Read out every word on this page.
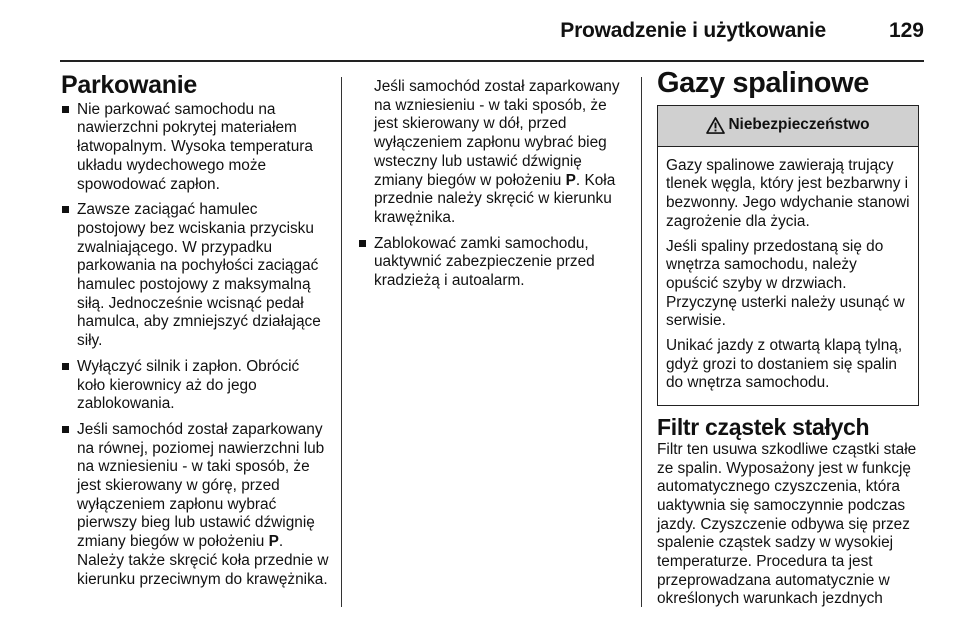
Prowadzenie i użytkowanie	129
Parkowanie
Nie parkować samochodu na nawierzchni pokrytej materiałem łatwopalnym. Wysoka temperatura układu wydechowego może spowodować zapłon.
Zawsze zaciągać hamulec postojowy bez wciskania przycisku zwalniającego. W przypadku parkowania na pochyłości zaciągać hamulec postojowy z maksymalną siłą. Jednocześnie wcisnąć pedał hamulca, aby zmniejszyć działające siły.
Wyłączyć silnik i zapłon. Obrócić koło kierownicy aż do jego zablokowania.
Jeśli samochód został zaparkowany na równej, poziomej nawierzchni lub na wzniesieniu - w taki sposób, że jest skierowany w górę, przed wyłączeniem zapłonu wybrać pierwszy bieg lub ustawić dźwignię zmiany biegów w położeniu P. Należy także skręcić koła przednie w kierunku przeciwnym do krawężnika.

Jeśli samochód został zaparkowany na wzniesieniu - w taki sposób, że jest skierowany w dół, przed wyłączeniem zapłonu wybrać bieg wsteczny lub ustawić dźwignię zmiany biegów w położeniu P. Koła przednie należy skręcić w kierunku krawężnika.

Zablokować zamki samochodu, uaktywnić zabezpieczenie przed kradzieżą i autoalarm.
Gazy spalinowe
Niebezpieczeństwo

Gazy spalinowe zawierają trujący tlenek węgla, który jest bezbarwny i bezwonny. Jego wdychanie stanowi zagrożenie dla życia.

Jeśli spaliny przedostaną się do wnętrza samochodu, należy opuścić szyby w drzwiach. Przyczynę usterki należy usunąć w serwisie.

Unikać jazdy z otwartą klapą tylną, gdyż grozi to dostaniem się spalin do wnętrza samochodu.

Filtr cząstek stałych

Filtr ten usuwa szkodliwe cząstki stałe ze spalin. Wyposażony jest w funkcję automatycznego czyszczenia, która uaktywnia się samoczynnie podczas jazdy. Czyszczenie odbywa się przez spalenie cząstek sadzy w wysokiej temperaturze. Procedura ta jest przeprowadzana automatycznie w określonych warunkach jezdnych
